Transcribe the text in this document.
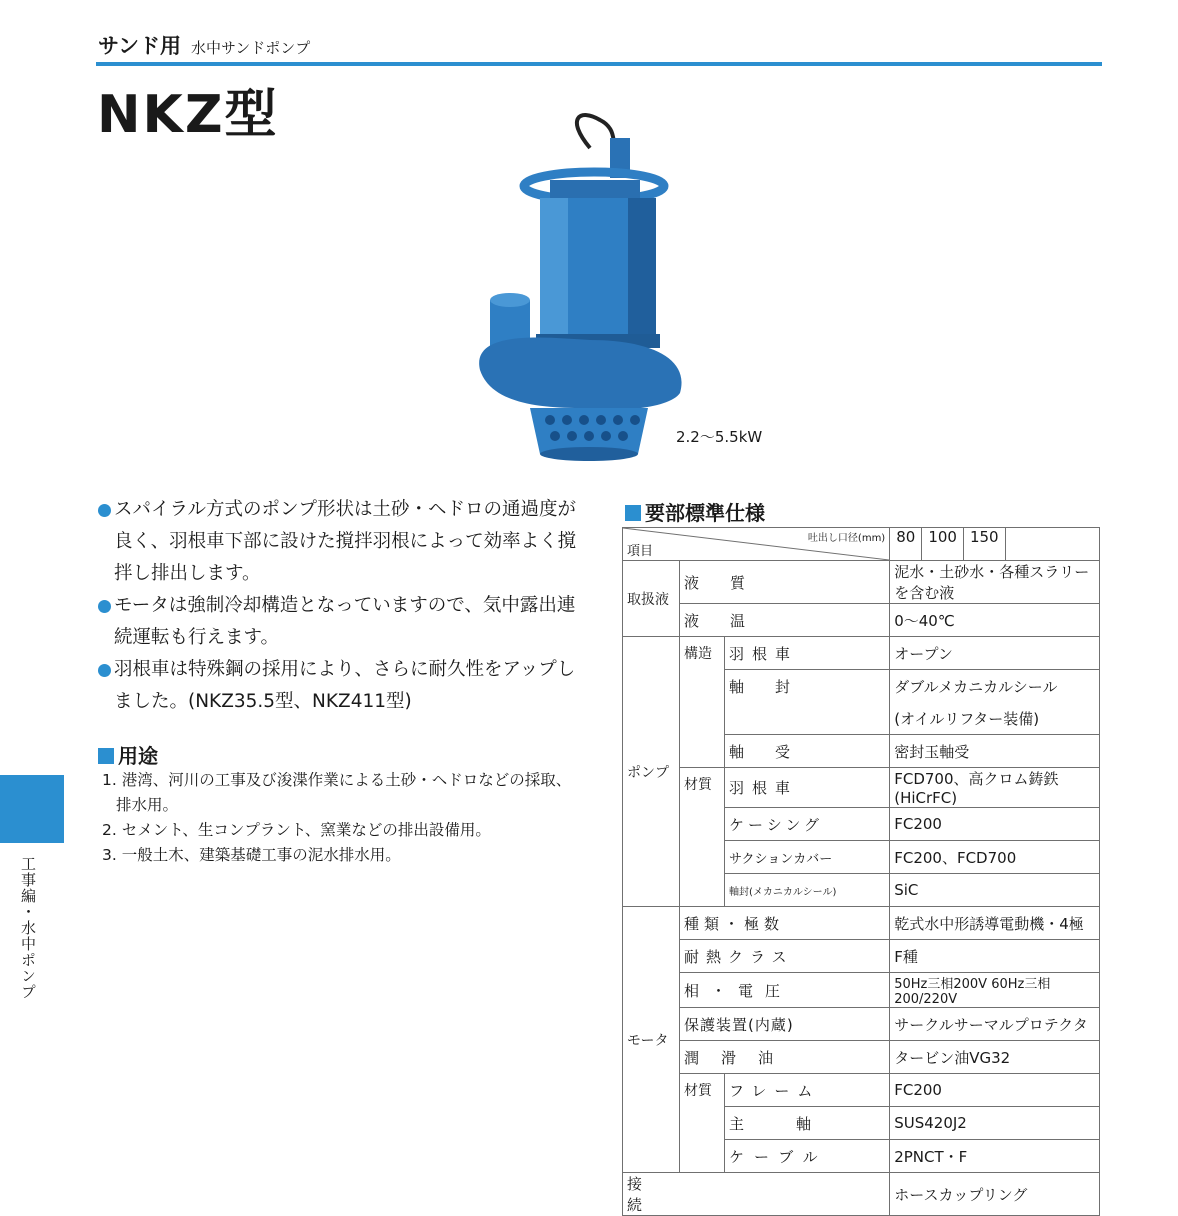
サンド用 水中サンドポンプ
NKZ型
2.2～5.5kW
スパイラル方式のポンプ形状は土砂・ヘドロの通過度が良く、羽根車下部に設けた撹拌羽根によって効率よく撹拌し排出します。
モータは強制冷却構造となっていますので、気中露出連続運転も行えます。
羽根車は特殊鋼の採用により、さらに耐久性をアップしました。(NKZ35.5型、NKZ411型)
用途
1. 港湾、河川の工事及び浚渫作業による土砂・ヘドロなどの採取、排水用。
2. セメント、生コンプラント、窯業などの排出設備用。
3. 一般土木、建築基礎工事の泥水排水用。
工事編・水中ポンプ
要部標準仕様
吐出し口径(mm)
項目			80 100 150

取扱液	液　質		泥水・土砂水・各種スラリーを含む液
	液　温		0～40℃
ポンプ	構造	羽根車	オープン
		軸　封	ダブルメカニカルシール
			(オイルリフター装備)
		軸　受	密封玉軸受
	材質	羽根車	FCD700、高クロム鋳鉄(HiCrFC)
		ケーシング	FC200
		サクションカバー	FC200、FCD700
		軸封(メカニカルシール)	SiC
モータ	種類・極数		乾式水中形誘導電動機・4極
	耐熱クラス		F種
	相・電圧		50Hz三相200V 60Hz三相200/220V
	保護装置(内蔵)		サークルサーマルプロテクタ
	潤滑油		タービン油VG32
	材質	フレーム	FC200
		主軸	SUS420J2
		ケーブル	2PNCT・F
接続			ホースカップリング
